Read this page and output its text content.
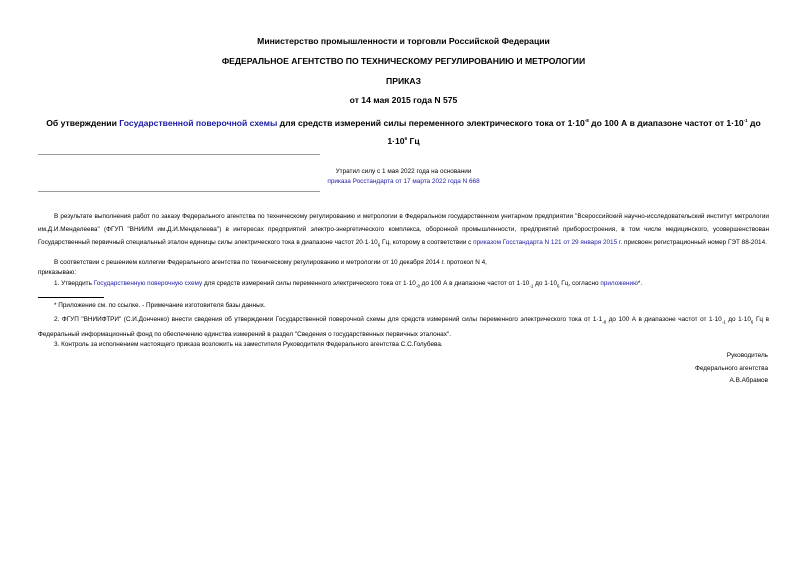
Министерство промышленности и торговли Российской Федерации
ФЕДЕРАЛЬНОЕ АГЕНТСТВО ПО ТЕХНИЧЕСКОМУ РЕГУЛИРОВАНИЮ И МЕТРОЛОГИИ
ПРИКАЗ
от 14 мая 2015 года N 575
Об утверждении Государственной поверочной схемы для средств измерений силы переменного электрического тока от $1\cdot 10^{-8}$ до 100 А в диапазоне частот от $1\cdot 10^{-1}$ до $1\cdot 10^6$ Гц
Утратил силу с 1 мая 2022 года на основании
приказа Росстандарта от 17 марта 2022 года N 668

В результате выполнения работ по заказу Федерального агентства по техническому регулированию и метрологии в Федеральном государственном унитарном предприятии "Всероссийский научно-исследовательский институт метрологии им.Д.И.Менделеева" (ФГУП "ВНИИМ им.Д.И.Менделеева") в интересах предприятий электро-энергетического комплекса, оборонной промышленности, предприятий приборостроения, в том числе медицинского, усовершенствован Государственный первичный специальный эталон единицы силы электрического тока в диапазоне частот $20\cdot 1\cdot 10_6$ Гц, которому в соответствии с приказом Госстандарта N 121 от 29 января 2015 г. присвоен регистрационный номер ГЭТ 88-2014.

В соответствии с решением коллегии Федерального агентства по техническому регулированию и метрологии от 10 декабря 2014 г. протокол N 4,
приказываю:
1. Утвердить Государственную поверочную схему для средств измерений силы переменного электрического тока от $1\cdot 10_{-8}$ до 100 А в диапазоне частот от $1\cdot 10_{-1}$ до $1\cdot 10_6$ Гц, согласно приложению*.
* Приложение см. по ссылке. - Примечание изготовителя базы данных.

2. ФГУП "ВНИИФТРИ" (С.И.Донченко) внести сведения об утверждении Государственной поверочной схемы для средств измерений силы переменного электрического тока от $1\cdot 1_{-8}$ до 100 А в диапазоне частот от $1\cdot 10_{-1}$ до $1\cdot 10_6$ Гц в Федеральный информационный фонд по обеспечению единства измерений в раздел "Сведения о государственных первичных эталонах".

3. Контроль за исполнением настоящего приказа возложить на заместителя Руководителя Федерального агентства С.С.Голубева.
Руководитель
Федерального агентства
А.В.Абрамов
